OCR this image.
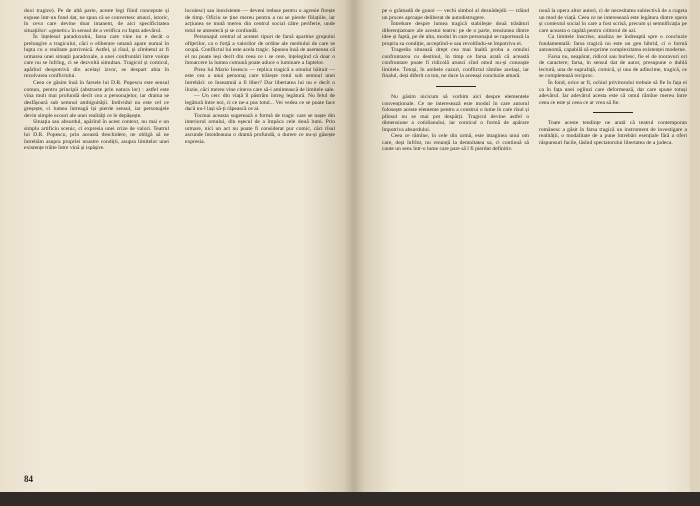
doxi tragice). Pe de altă parte, aceste legi fiind concepute și expuse într-un fond dat, ne spun că se convertesc atunci, istoric, în ceva care devine doar imanent, de aici specificitatea situațiilor: «genetic» în sensul de a verifica cu fapta adevărul.

În înțelesul paradoxului, farsa care vine nu e decât o prelungire a tragicului, căci o eliberare umană apare numai în lupta cu o realitate potrivnică. Astfel, și rîsul, și zîmbetul ar fi urmarea unei situații paradoxale, a unei confruntări între voințe care nu se înfrîng, ci se dezvoltă simultan. Tragicul și comicul, apărînd deopotrivă din același izvor, se despart abia în rezolvarea conflictului.

Ceea ce găsim însă în farsele lui D.R. Popescu este sensul comun, pentru principii (abstracte prin natura lor) : astfel este vina mult mai profundă decît cea a personajelor, iar drama se desfășoară sub semnul ambiguității. Individul nu este cel ce greșește, ci lumea întreagă își pierde sensul, iar personajele devin simple ecouri ale unei realități ce le depășește.

Situația sau absurdul, apărînd în acest context, nu mai e un simplu artificiu scenic, ci expresia unei crize de valori. Teatrul lui D.R. Popescu, prin această deschidere, ne obligă să ne întrebăm asupra propriei noastre condiții, asupra limitelor unei existențe trăite între vină și ispășire.

locuiesc) sau inexistente — deveni reduse pentru o agresie firește de timp. Oficiu se ține mereu pentru a nu se pierde filiațiile, iar acțiunea se mută mereu din centrul social către periferie, unde totul se amestecă și se confundă.

Personajul central al acestei tipuri de farsă apartine grupului ofiţerilor, ca o forţă a valorilor de ordine ale mediului de care se ocupă. Conflictul lui este acela tragic. Spunea însă de asemenea că el nu poate ieși decît din ceea ce i se cere, înțelegînd că doar o întoarcere la lumea comună poate aduce o luminare a faptelor.

Pirea lui Mario Iosescu — replica tragică a omului hăituit — este cea a unui personaj care trăiește totul sub semnul unei întrebări: ce înseamnă a fi liber? Dar libertatea lui nu e decît o iluzie, căci mereu vine cineva care să-i amintească de limitele sale.

— Un cerc din viață îl păstrăm întreg legătură. Nu felul de legătură între noi, ci ce ne-a pus totul... Vei vedea ce se poate face dacă nu-l lași să-ți răpească ce ai.

Tocmai aceasta sugerează o formă de tragic care se naște din interiorul omului, din eșecul de a împăca cele două lumi. Prin urmare, nici un act nu poate fi considerat pur comic, căci rîsul ascunde întotdeauna o dramă profundă, o durere ce nu-și găsește expresia.

84

pe o grămadă de gunoi — vechi simbol al deznădejdii — trăind un proces aproape deliberat de autodistrugere.

Întrebare despre lumea tragică stabilește două trăsături diferențiatoare ale acestui teatru: pe de o parte, tensiunea dintre idee și faptă, pe de alta, modul în care personajul se raportează la propria sa condiție, acceptînd-o sau revoltîndu-se împotriva ei.

Tragedia situează drept cea mai înaltă proba a omului confruntarea cu destinul, în timp ce farsa arată că această confruntare poate fi ridicolă atunci cînd omul nu-și cunoaște limitele. Totuși, în ambele cazuri, conflictul rămîne același, iar finalul, deși diferit ca ton, ne duce la aceeași concluzie amară.

Nu găsim nicicum să vorbim aici despre elementele convenționale. Ce ne interesează este modul în care autorul folosește aceste elemente pentru a construi o lume în care rîsul și plînsul nu se mai pot despărți. Tragicul devine astfel o dimensiune a cotidianului, iar comicul o formă de apărare împotriva absurdului.

Ceea ce rămîne, în cele din urmă, este imaginea unui om care, deși înfrînt, nu renunță la demnitatea sa, ci continuă să caute un sens într-o lume care pare să l fi pierdut definitiv.

nouă la opera altor autori, ci de necesitatea subiectivă de a cugeta un mod de viață. Ceea ce ne interesează este legătura dintre opera și contextul social în care a fost scrisă, precum și semnificația pe care aceasta o capătă pentru cititorul de azi.

Ca limitele înscrise, analiza ne îndreaptă spre o concluzie fundamentală: farsa tragică nu este un gen hibrid, ci o formă autonomă, capabilă să exprime complexitatea existenței moderne.

Farsa nu, neapărat, ridicol sau burlesc, fie el de moravuri ori de caractere; farsa, în sensul dat de autor, presupune o dublă lectură, una de suprafață, comică, și una de adîncime, tragică, ce se completează reciproc.

În fond, orice ar fi, ochiul privitorului trebuie să fie în fața ei ca în fața unei oglinzi care deformează, dar care spune totuși adevărul. Iar adevărul acesta este că omul rămîne mereu între ceea ce este și ceea ce ar vrea să fie.

Toate aceste tendințe ne arată că teatrul contemporan românesc a găsit în farsa tragică un instrument de investigare a realității, o modalitate de a pune întrebări esențiale fără a oferi răspunsuri facile, lăsînd spectatorului libertatea de a judeca.
